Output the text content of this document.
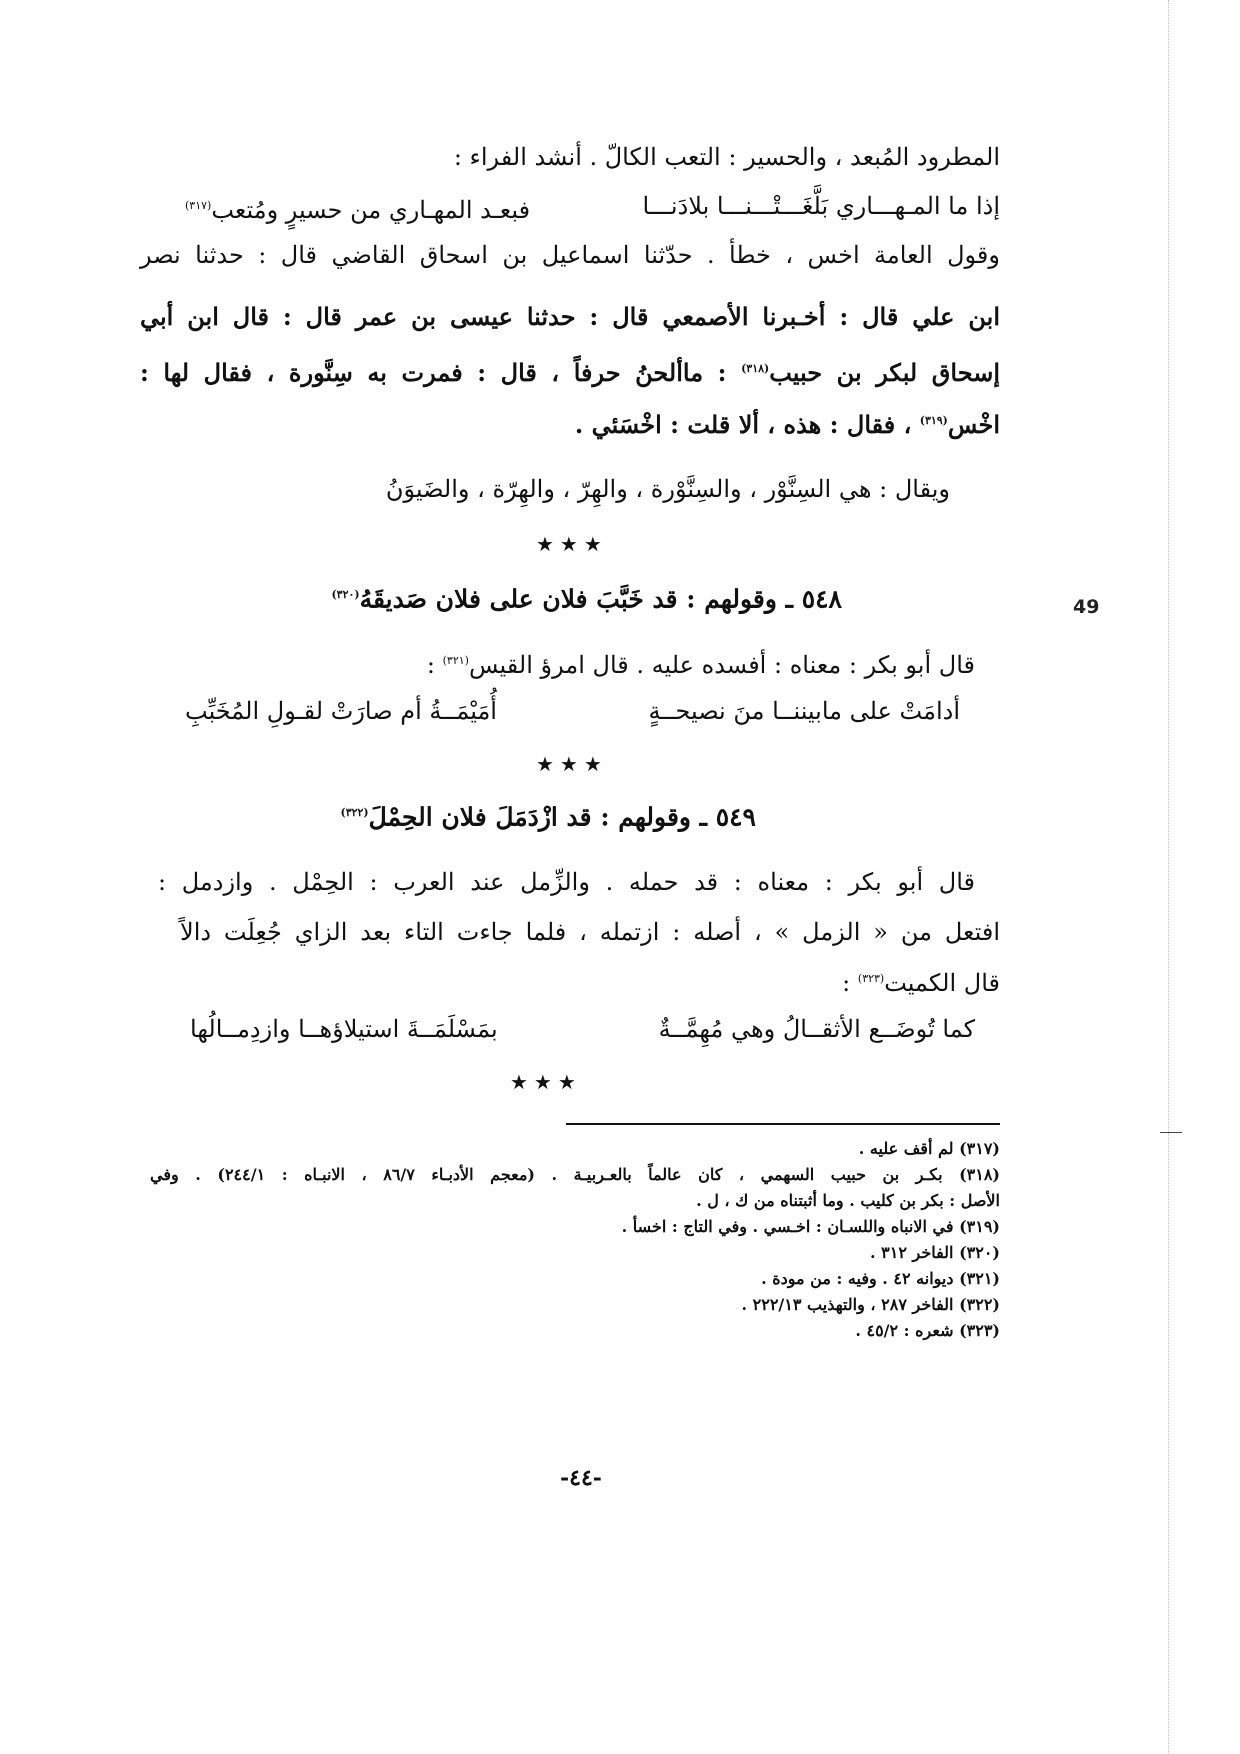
49
المطرود المُبعد ، والحسير : التعب الكالّ . أنشد الفراء :
إذا ما المـهـــاري بَلَّغَـــتْـــنـــا بلادَنـــا
فبعـد المهـاري من حسيرٍ ومُتعب$^{(٣١٧)}$
وقول العامة اخس ، خطأ . حدّثنا اسماعيل بن اسحاق القاضي قال : حدثنا نصر
ابن علي قال : أخـبرنا الأصمعي قال : حدثنا عيسى بن عمر قال : قال ابن أبي
إسحاق لبكر بن حبيب$^{(٣١٨)}$ : ماألحنُ حرفاً ، قال : فمرت به سِنَّورة ، فقال لها :
اخْس$^{(٣١٩)}$ ، فقال : هذه ، ألا قلت : اخْسَئي .
ويقال : هي السِنَّوْر ، والسِنَّوْرة ، والهِرّ ، والهِرّة ، والضَيوَنُ
★★★
٥٤٨ ـ وقولهم : قد خَبَّبَ فلان على فلان صَديقَهُ$^{(٣٢٠)}$
قال أبو بكر : معناه : أفسده عليه . قال امرؤ القيس$^{(٣٢١)}$ :
أدامَتْ على مابيننــا منَ نصيحــةٍ
أُمَيْمَــةُ أم صارَتْ لقـولِ المُخَبِّبِ
★★★
٥٤٩ ـ وقولهم : قد ازْدَمَلَ فلان الحِمْلَ$^{(٣٢٢)}$
قال أبو بكر : معناه : قد حمله . والزِّمل عند العرب : الحِمْل . وازدمل :
افتعل من « الزمل » ، أصله : ازتمله ، فلما جاءت التاء بعد الزاي جُعِلَت دالاً
قال الكميت$^{(٣٢٣)}$ :
كما تُوضَــع الأثقــالُ وهي مُهِمَّــةٌ
بمَسْلَمَــةَ استيلاؤهــا وازدِمــالُها
★★★
(٣١٧) لم أقف عليه .
(٣١٨) بكـر بن حبيب السهمي ، كان عالماً بالعـربيـة . (معجم الأدبـاء ٨٦/٧ ، الانبـاه : ٢٤٤/١) . وفي
الأصل : بكر بن كليب . وما أثبتناه من ك ، ل .
(٣١٩) في الانباه واللسـان : اخـسي . وفي التاج : اخسأ .
(٣٢٠) الفاخر ٣١٢ .
(٣٢١) ديوانه ٤٢ . وفيه : من مودة .
(٣٢٢) الفاخر ٢٨٧ ، والتهذيب ٢٢٢/١٣ .
(٣٢٣) شعره : ٤٥/٢ .
-٤٤-
